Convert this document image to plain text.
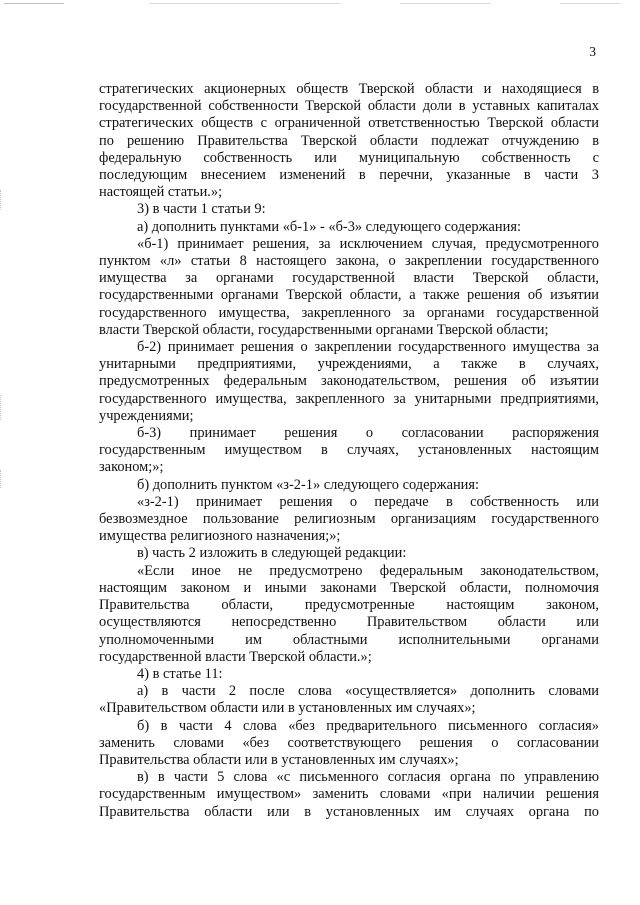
3

стратегических акционерных обществ Тверской области и находящиеся в

государственной собственности Тверской области доли в уставных капиталах

стратегических обществ с ограниченной ответственностью Тверской области

по решению Правительства Тверской области подлежат отчуждению в

федеральную собственность или муниципальную собственность с

последующим внесением изменений в перечни, указанные в части 3

настоящей статьи.»;

3) в части 1 статьи 9:

а) дополнить пунктами «б-1» - «б-3» следующего содержания:

«б-1) принимает решения, за исключением случая, предусмотренного

пунктом «л» статьи 8 настоящего закона, о закреплении государственного

имущества за органами государственной власти Тверской области,

государственными органами Тверской области, а также решения об изъятии

государственного имущества, закрепленного за органами государственной

власти Тверской области, государственными органами Тверской области;

б-2) принимает решения о закреплении государственного имущества за

унитарными предприятиями, учреждениями, а также в случаях,

предусмотренных федеральным законодательством, решения об изъятии

государственного имущества, закрепленного за унитарными предприятиями,

учреждениями;

б-3) принимает решения о согласовании распоряжения

государственным имуществом в случаях, установленных настоящим

законом;»;

б) дополнить пунктом «з-2-1» следующего содержания:

«з-2-1) принимает решения о передаче в собственность или

безвозмездное пользование религиозным организациям государственного

имущества религиозного назначения;»;

в) часть 2 изложить в следующей редакции:

«Если иное не предусмотрено федеральным законодательством,

настоящим законом и иными законами Тверской области, полномочия

Правительства области, предусмотренные настоящим законом,

осуществляются непосредственно Правительством области или

уполномоченными им областными исполнительными органами

государственной власти Тверской области.»;

4) в статье 11:

а) в части 2 после слова «осуществляется» дополнить словами

«Правительством области или в установленных им случаях»;

б) в части 4 слова «без предварительного письменного согласия»

заменить словами «без соответствующего решения о согласовании

Правительства области или в установленных им случаях»;

в) в части 5 слова «с письменного согласия органа по управлению

государственным имуществом» заменить словами «при наличии решения

Правительства области или в установленных им случаях органа по
